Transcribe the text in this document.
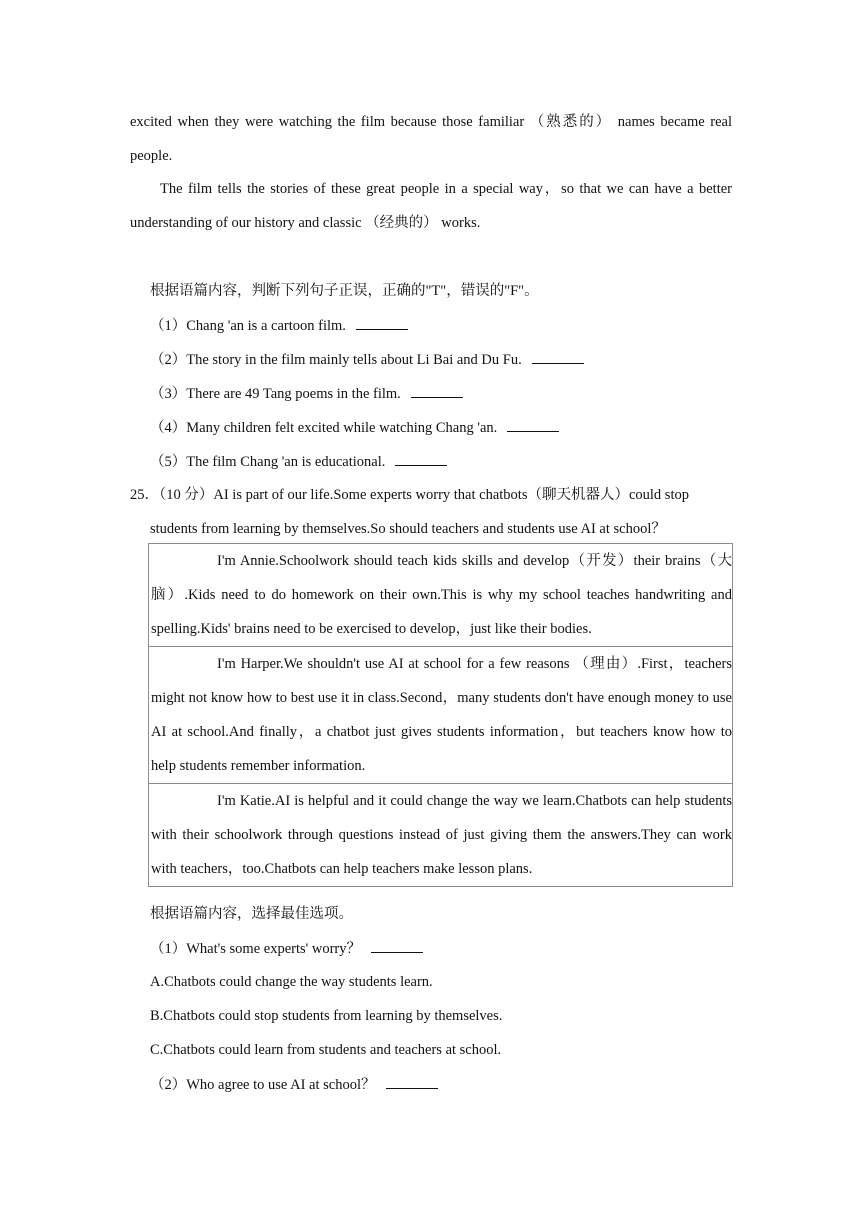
excited when they were watching the film because those familiar （熟悉的） names became real
people.
The film tells the stories of these great people in a special way，so that we can have a better
understanding of our history and classic （经典的） works.
根据语篇内容，判断下列句子正误，正确的"T"，错误的"F"。
（1）Chang 'an is a cartoon film.
（2）The story in the film mainly tells about Li Bai and Du Fu.
（3）There are 49 Tang poems in the film.
（4）Many children felt excited while watching Chang 'an.
（5）The film Chang 'an is educational.
25．（10 分）AI is part of our life.Some experts worry that chatbots（聊天机器人）could stop
students from learning by themselves.So should teachers and students use AI at school？
I'm Annie.Schoolwork should teach kids skills and develop（开发）their brains（大脑）.Kids need to do homework on their own.This is why my school teaches handwriting and spelling.Kids' brains need to be exercised to develop，just like their bodies.

I'm Harper.We shouldn't use AI at school for a few reasons （理由）.First，teachers might not know how to best use it in class.Second，many students don't have enough money to use AI at school.And finally，a chatbot just gives students information，but teachers know how to help students remember information.

I'm Katie.AI is helpful and it could change the way we learn.Chatbots can help students with their schoolwork through questions instead of just giving them the answers.They can work with teachers，too.Chatbots can help teachers make lesson plans.
根据语篇内容，选择最佳选项。
（1）What's some experts' worry？
A.Chatbots could change the way students learn.
B.Chatbots could stop students from learning by themselves.
C.Chatbots could learn from students and teachers at school.
（2）Who agree to use AI at school？
